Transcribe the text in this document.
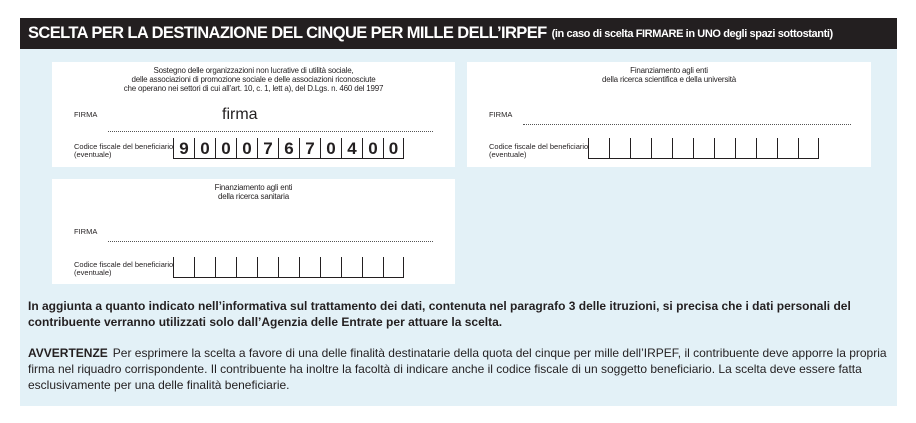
SCELTA PER LA DESTINAZIONE DEL CINQUE PER MILLE DELL’IRPEF (in caso di scelta FIRMARE in UNO degli spazi sottostanti)
Sostegno delle organizzazioni non lucrative di utilità sociale,
delle associazioni di promozione sociale e delle associazioni riconosciute
che operano nei settori di cui all’art. 10, c. 1, lett a), del D.Lgs. n. 460 del 1997
FIRMA	firma
Codice fiscale del beneficiario (eventuale)	9 0 0 0 7 6 7 0 4 0 0
Finanziamento agli enti
della ricerca scientifica e della università
FIRMA
Codice fiscale del beneficiario (eventuale)
Finanziamento agli enti
della ricerca sanitaria
FIRMA
Codice fiscale del beneficiario (eventuale)
In aggiunta a quanto indicato nell’informativa sul trattamento dei dati, contenuta nel paragrafo 3 delle itruzioni, si precisa che i dati personali del contribuente verranno utilizzati solo dall’Agenzia delle Entrate per attuare la scelta.
AVVERTENZE Per esprimere la scelta a favore di una delle finalità destinatarie della quota del cinque per mille dell’IRPEF, il contribuente deve apporre la propria firma nel riquadro corrispondente. Il contribuente ha inoltre la facoltà di indicare anche il codice fiscale di un soggetto beneficiario. La scelta deve essere fatta esclusivamente per una delle finalità beneficiarie.
